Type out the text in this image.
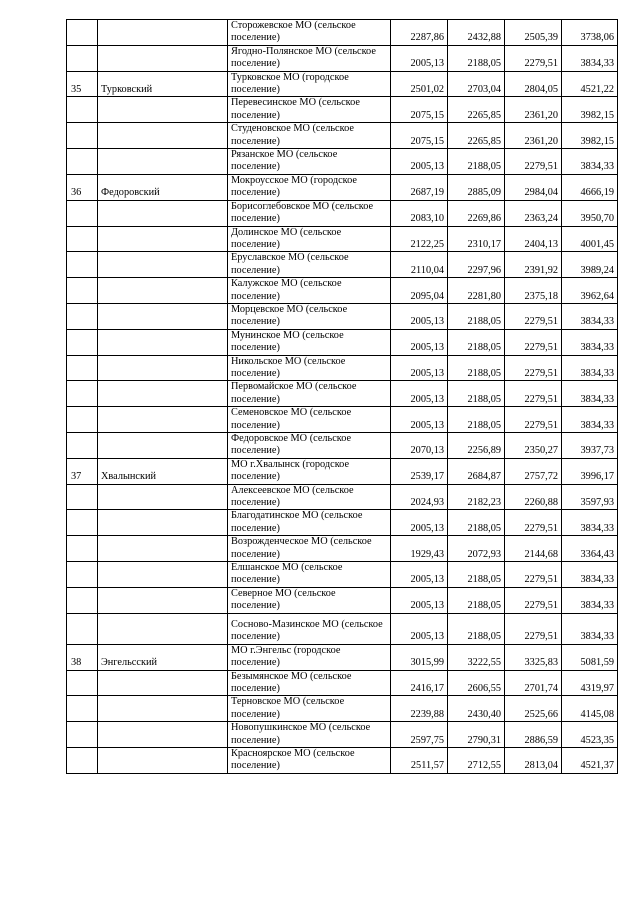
		Сторожевское МО (сельское поселение)	2287,86	2432,88	2505,39	3738,06
		Ягодно-Полянское МО (сельское поселение)	2005,13	2188,05	2279,51	3834,33
35	Турковский	Турковское МО (городское поселение)	2501,02	2703,04	2804,05	4521,22
		Перевесинское МО (сельское поселение)	2075,15	2265,85	2361,20	3982,15
		Студеновское МО (сельское поселение)	2075,15	2265,85	2361,20	3982,15
		Рязанское МО (сельское поселение)	2005,13	2188,05	2279,51	3834,33
36	Федоровский	Мокроусское МО (городское поселение)	2687,19	2885,09	2984,04	4666,19
		Борисоглебовское МО (сельское поселение)	2083,10	2269,86	2363,24	3950,70
		Долинское МО (сельское поселение)	2122,25	2310,17	2404,13	4001,45
		Еруславское МО (сельское поселение)	2110,04	2297,96	2391,92	3989,24
		Калужское МО (сельское поселение)	2095,04	2281,80	2375,18	3962,64
		Морцевское МО (сельское поселение)	2005,13	2188,05	2279,51	3834,33
		Мунинское МО (сельское поселение)	2005,13	2188,05	2279,51	3834,33
		Никольское МО (сельское поселение)	2005,13	2188,05	2279,51	3834,33
		Первомайское МО (сельское поселение)	2005,13	2188,05	2279,51	3834,33
		Семеновское МО (сельское поселение)	2005,13	2188,05	2279,51	3834,33
		Федоровское МО (сельское поселение)	2070,13	2256,89	2350,27	3937,73
37	Хвалынский	МО г.Хвалынск (городское поселение)	2539,17	2684,87	2757,72	3996,17
		Алексеевское МО (сельское поселение)	2024,93	2182,23	2260,88	3597,93
		Благодатинское МО (сельское поселение)	2005,13	2188,05	2279,51	3834,33
		Возрожденческое МО (сельское поселение)	1929,43	2072,93	2144,68	3364,43
		Елшанское МО (сельское поселение)	2005,13	2188,05	2279,51	3834,33
		Северное МО (сельское поселение)	2005,13	2188,05	2279,51	3834,33
		Сосново-Мазинское МО (сельское поселение)	2005,13	2188,05	2279,51	3834,33
38	Энгельсский	МО г.Энгельс (городское поселение)	3015,99	3222,55	3325,83	5081,59
		Безымянское МО (сельское поселение)	2416,17	2606,55	2701,74	4319,97
		Терновское МО (сельское поселение)	2239,88	2430,40	2525,66	4145,08
		Новопушкинское МО (сельское поселение)	2597,75	2790,31	2886,59	4523,35
		Красноярское МО (сельское поселение)	2511,57	2712,55	2813,04	4521,37
